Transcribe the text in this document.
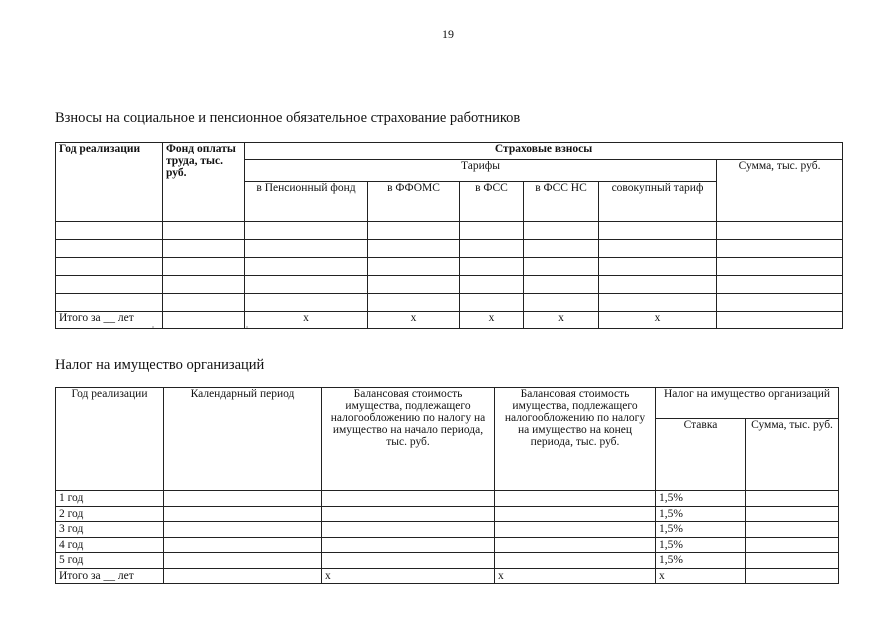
19
Взносы на социальное и пенсионное обязательное страхование работников
Год реализации	Фонд оплаты труда, тыс. руб.	Страховые взносы					
		Тарифы					Сумма, тыс. руб.
		в Пенсионный фонд	в ФФОМС	в ФСС	в ФСС НС	совокупный тариф	

Итого за __ лет		х	х	х	х	х	
Налог на имущество организаций
Год реализации	Календарный период	Балансовая стоимость имущества, подлежащего налогообложению по налогу на имущество на начало периода, тыс. руб.	Балансовая стоимость имущества, подлежащего налогообложению по налогу на имущество на конец периода, тыс. руб.	Налог на имущество организаций	
				Ставка	Сумма, тыс. руб.
1 год				1,5%	
2 год				1,5%	
3 год				1,5%	
4 год				1,5%	
5 год				1,5%	
Итого за __ лет		х	х	х	
